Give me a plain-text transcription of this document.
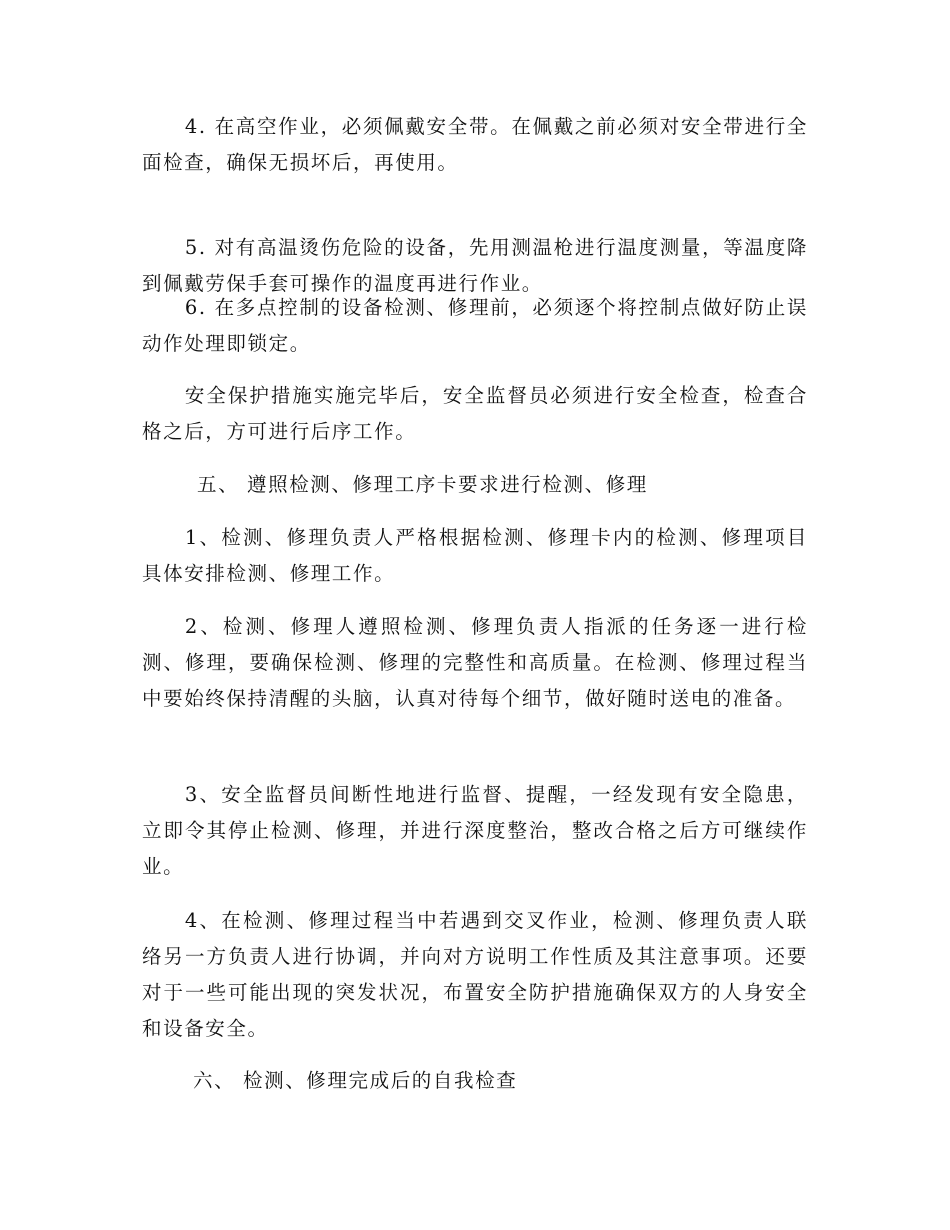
4. 在高空作业，必须佩戴安全带。在佩戴之前必须对安全带进行全面检查，确保无损坏后，再使用。

5. 对有高温烫伤危险的设备，先用测温枪进行温度测量，等温度降到佩戴劳保手套可操作的温度再进行作业。

6. 在多点控制的设备检测、修理前，必须逐个将控制点做好防止误动作处理即锁定。

安全保护措施实施完毕后，安全监督员必须进行安全检查，检查合格之后，方可进行后序工作。

五、 遵照检测、修理工序卡要求进行检测、修理

1、检测、修理负责人严格根据检测、修理卡内的检测、修理项目具体安排检测、修理工作。

2、检测、修理人遵照检测、修理负责人指派的任务逐一进行检测、修理，要确保检测、修理的完整性和高质量。在检测、修理过程当中要始终保持清醒的头脑，认真对待每个细节，做好随时送电的准备。

3、安全监督员间断性地进行监督、提醒，一经发现有安全隐患，立即令其停止检测、修理，并进行深度整治，整改合格之后方可继续作业。

4、在检测、修理过程当中若遇到交叉作业，检测、修理负责人联络另一方负责人进行协调，并向对方说明工作性质及其注意事项。还要对于一些可能出现的突发状况，布置安全防护措施确保双方的人身安全和设备安全。

六、 检测、修理完成后的自我检查
